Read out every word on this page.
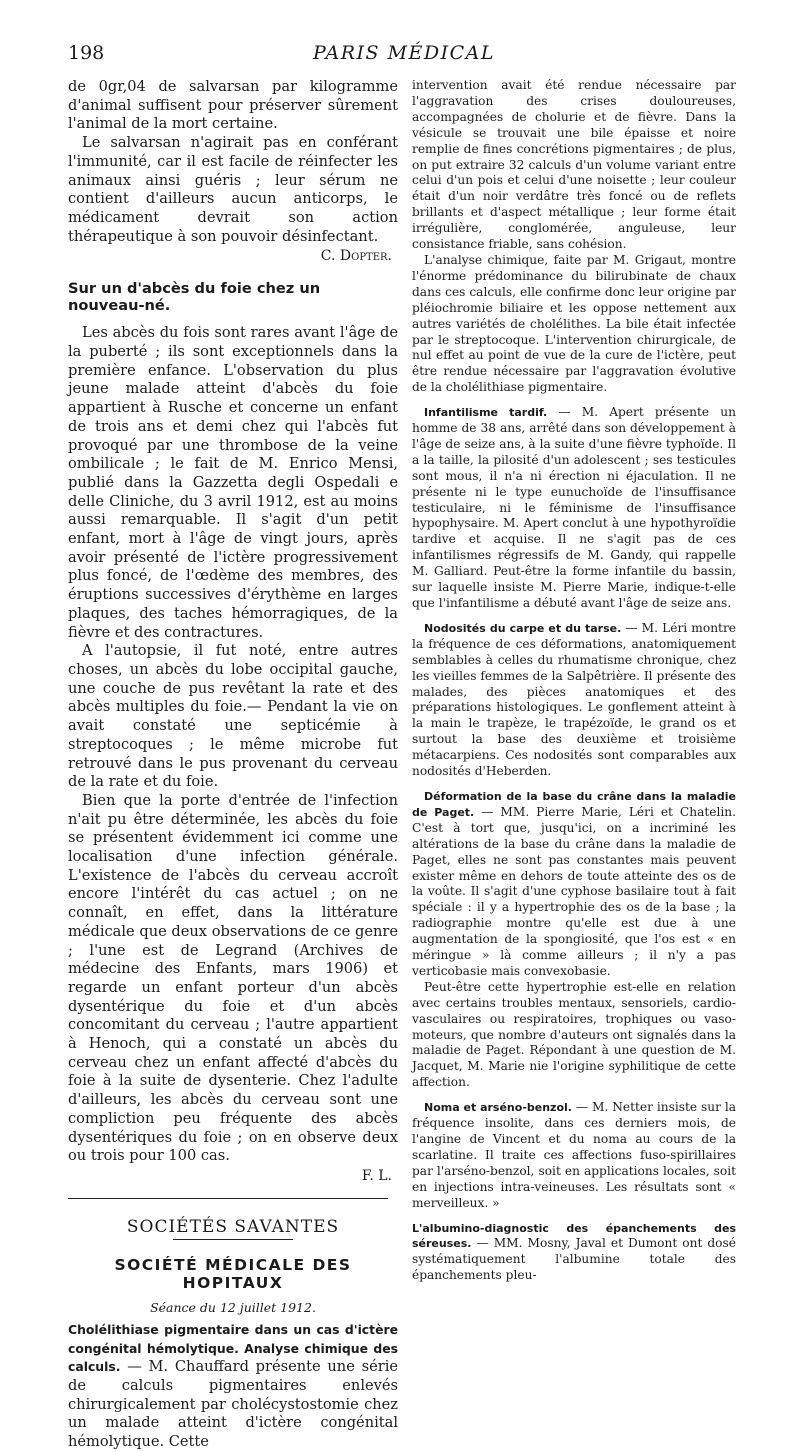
198	PARIS MÉDICAL

de 0gr,04 de salvarsan par kilogramme d'animal suffisent pour préserver sûrement l'animal de la mort certaine.

Le salvarsan n'agirait pas en conférant l'immunité, car il est facile de réinfecter les animaux ainsi guéris ; leur sérum ne contient d'ailleurs aucun anticorps, le médicament devrait son action thérapeutique à son pouvoir désinfectant.

C. Dopter.
Sur un d'abcès du foie chez un nouveau-né.

Les abcès du fois sont rares avant l'âge de la puberté ; ils sont exceptionnels dans la première enfance. L'observation du plus jeune malade atteint d'abcès du foie appartient à Rusche et concerne un enfant de trois ans et demi chez qui l'abcès fut provoqué par une thrombose de la veine ombilicale ; le fait de M. Enrico Mensi, publié dans la Gazzetta degli Ospedali e delle Cliniche, du 3 avril 1912, est au moins aussi remarquable. Il s'agit d'un petit enfant, mort à l'âge de vingt jours, après avoir présenté de l'ictère progressivement plus foncé, de l'œdème des membres, des éruptions successives d'érythème en larges plaques, des taches hémorragiques, de la fièvre et des contractures.

A l'autopsie, il fut noté, entre autres choses, un abcès du lobe occipital gauche, une couche de pus revêtant la rate et des abcès multiples du foie.— Pendant la vie on avait constaté une septicémie à streptocoques ; le même microbe fut retrouvé dans le pus provenant du cerveau de la rate et du foie.

Bien que la porte d'entrée de l'infection n'ait pu être déterminée, les abcès du foie se présentent évidemment ici comme une localisation d'une infection générale. L'existence de l'abcès du cerveau accroît encore l'intérêt du cas actuel ; on ne connaît, en effet, dans la littérature médicale que deux observations de ce genre ; l'une est de Legrand (Archives de médecine des Enfants, mars 1906) et regarde un enfant porteur d'un abcès dysentérique du foie et d'un abcès concomitant du cerveau ; l'autre appartient à Henoch, qui a constaté un abcès du cerveau chez un enfant affecté d'abcès du foie à la suite de dysenterie. Chez l'adulte d'ailleurs, les abcès du cerveau sont une compliction peu fréquente des abcès dysentériques du foie ; on en observe deux ou trois pour 100 cas.

F. L.
SOCIÉTÉS SAVANTES
SOCIÉTÉ MÉDICALE DES HOPITAUX
Séance du 12 juillet 1912.

Cholélithiase pigmentaire dans un cas d'ictère congénital hémolytique. Analyse chimique des calculs. — M. Chauffard présente une série de calculs pigmentaires enlevés chirurgicalement par cholécystostomie chez un malade atteint d'ictère congénital hémolytique. Cette

intervention avait été rendue nécessaire par l'aggravation des crises douloureuses, accompagnées de cholurie et de fièvre. Dans la vésicule se trouvait une bile épaisse et noire remplie de fines concrétions pigmentaires ; de plus, on put extraire 32 calculs d'un volume variant entre celui d'un pois et celui d'une noisette ; leur couleur était d'un noir verdâtre très foncé ou de reflets brillants et d'aspect métallique ; leur forme était irrégulière, conglomérée, anguleuse, leur consistance friable, sans cohésion.

L'analyse chimique, faite par M. Grigaut, montre l'énorme prédominance du bilirubinate de chaux dans ces calculs, elle confirme donc leur origine par pléiochromie biliaire et les oppose nettement aux autres variétés de cholélithes. La bile était infectée par le streptocoque. L'intervention chirurgicale, de nul effet au point de vue de la cure de l'ictère, peut être rendue nécessaire par l'aggravation évolutive de la cholélithiase pigmentaire.

Infantilisme tardif. — M. Apert présente un homme de 38 ans, arrêté dans son développement à l'âge de seize ans, à la suite d'une fièvre typhoïde. Il a la taille, la pilosité d'un adolescent ; ses testicules sont mous, il n'a ni érection ni éjaculation. Il ne présente ni le type eunuchoïde de l'insuffisance testiculaire, ni le féminisme de l'insuffisance hypophysaire. M. Apert conclut à une hypothyroïdie tardive et acquise. Il ne s'agit pas de ces infantilismes régressifs de M. Gandy, qui rappelle M. Galliard. Peut-être la forme infantile du bassin, sur laquelle insiste M. Pierre Marie, indique-t-elle que l'infantilisme a débuté avant l'âge de seize ans.

Nodosités du carpe et du tarse. — M. Léri montre la fréquence de ces déformations, anatomiquement semblables à celles du rhumatisme chronique, chez les vieilles femmes de la Salpêtrière. Il présente des malades, des pièces anatomiques et des préparations histologiques. Le gonflement atteint à la main le trapèze, le trapézoïde, le grand os et surtout la base des deuxième et troisième métacarpiens. Ces nodosités sont comparables aux nodosités d'Heberden.

Déformation de la base du crâne dans la maladie de Paget. — MM. Pierre Marie, Léri et Chatelin. C'est à tort que, jusqu'ici, on a incriminé les altérations de la base du crâne dans la maladie de Paget, elles ne sont pas constantes mais peuvent exister même en dehors de toute atteinte des os de la voûte. Il s'agit d'une cyphose basilaire tout à fait spéciale : il y a hypertrophie des os de la base ; la radiographie montre qu'elle est due à une augmentation de la spongiosité, que l'os est « en méringue » là comme ailleurs ; il n'y a pas verticobasie mais convexobasie.

Peut-être cette hypertrophie est-elle en relation avec certains troubles mentaux, sensoriels, cardio-vasculaires ou respiratoires, trophiques ou vaso-moteurs, que nombre d'auteurs ont signalés dans la maladie de Paget. Répondant à une question de M. Jacquet, M. Marie nie l'origine syphilitique de cette affection.

Noma et arséno-benzol. — M. Netter insiste sur la fréquence insolite, dans ces derniers mois, de l'angine de Vincent et du noma au cours de la scarlatine. Il traite ces affections fuso-spirillaires par l'arséno-benzol, soit en applications locales, soit en injections intra-veineuses. Les résultats sont « merveilleux. »

L'albumino-diagnostic des épanchements des séreuses. — MM. Mosny, Javal et Dumont ont dosé systématiquement l'albumine totale des épanchements pleu-
